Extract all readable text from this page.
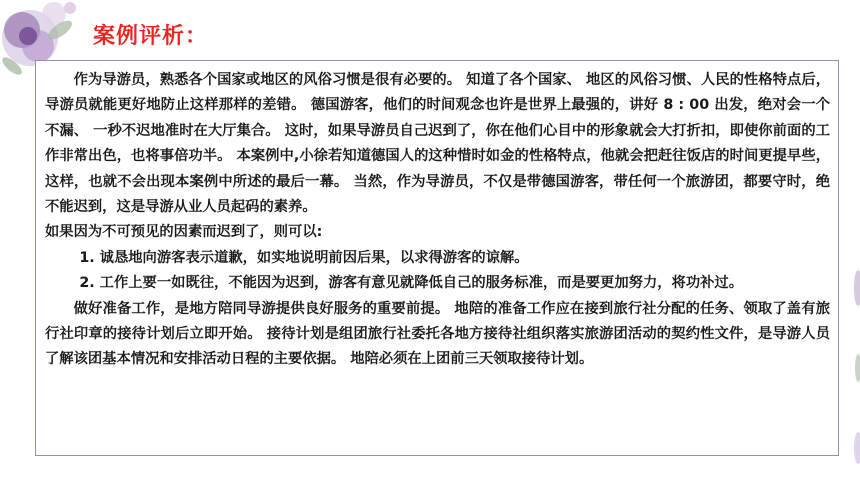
案例评析：

作为导游员，熟悉各个国家或地区的风俗习惯是很有必要的。 知道了各个国家、 地区的风俗习惯、人民的性格特点后，导游员就能更好地防止这样那样的差错。 德国游客，他们的时间观念也许是世界上最强的，讲好 8 : 00 出发，绝对会一个不漏、 一秒不迟地准时在大厅集合。 这时，如果导游员自己迟到了，你在他们心目中的形象就会大打折扣，即使你前面的工作非常出色，也将事倍功半。 本案例中,小徐若知道德国人的这种惜时如金的性格特点，他就会把赶往饭店的时间更提早些，这样，也就不会出现本案例中所述的最后一幕。 当然，作为导游员，不仅是带德国游客，带任何一个旅游团，都要守时，绝不能迟到，这是导游从业人员起码的素养。

如果因为不可预见的因素而迟到了，则可以:

1. 诚恳地向游客表示道歉，如实地说明前因后果，以求得游客的谅解。

2. 工作上要一如既往，不能因为迟到，游客有意见就降低自己的服务标准，而是要更加努力，将功补过。

做好准备工作，是地方陪同导游提供良好服务的重要前提。 地陪的准备工作应在接到旅行社分配的任务、领取了盖有旅行社印章的接待计划后立即开始。 接待计划是组团旅行社委托各地方接待社组织落实旅游团活动的契约性文件，是导游人员了解该团基本情况和安排活动日程的主要依据。 地陪必须在上团前三天领取接待计划。
